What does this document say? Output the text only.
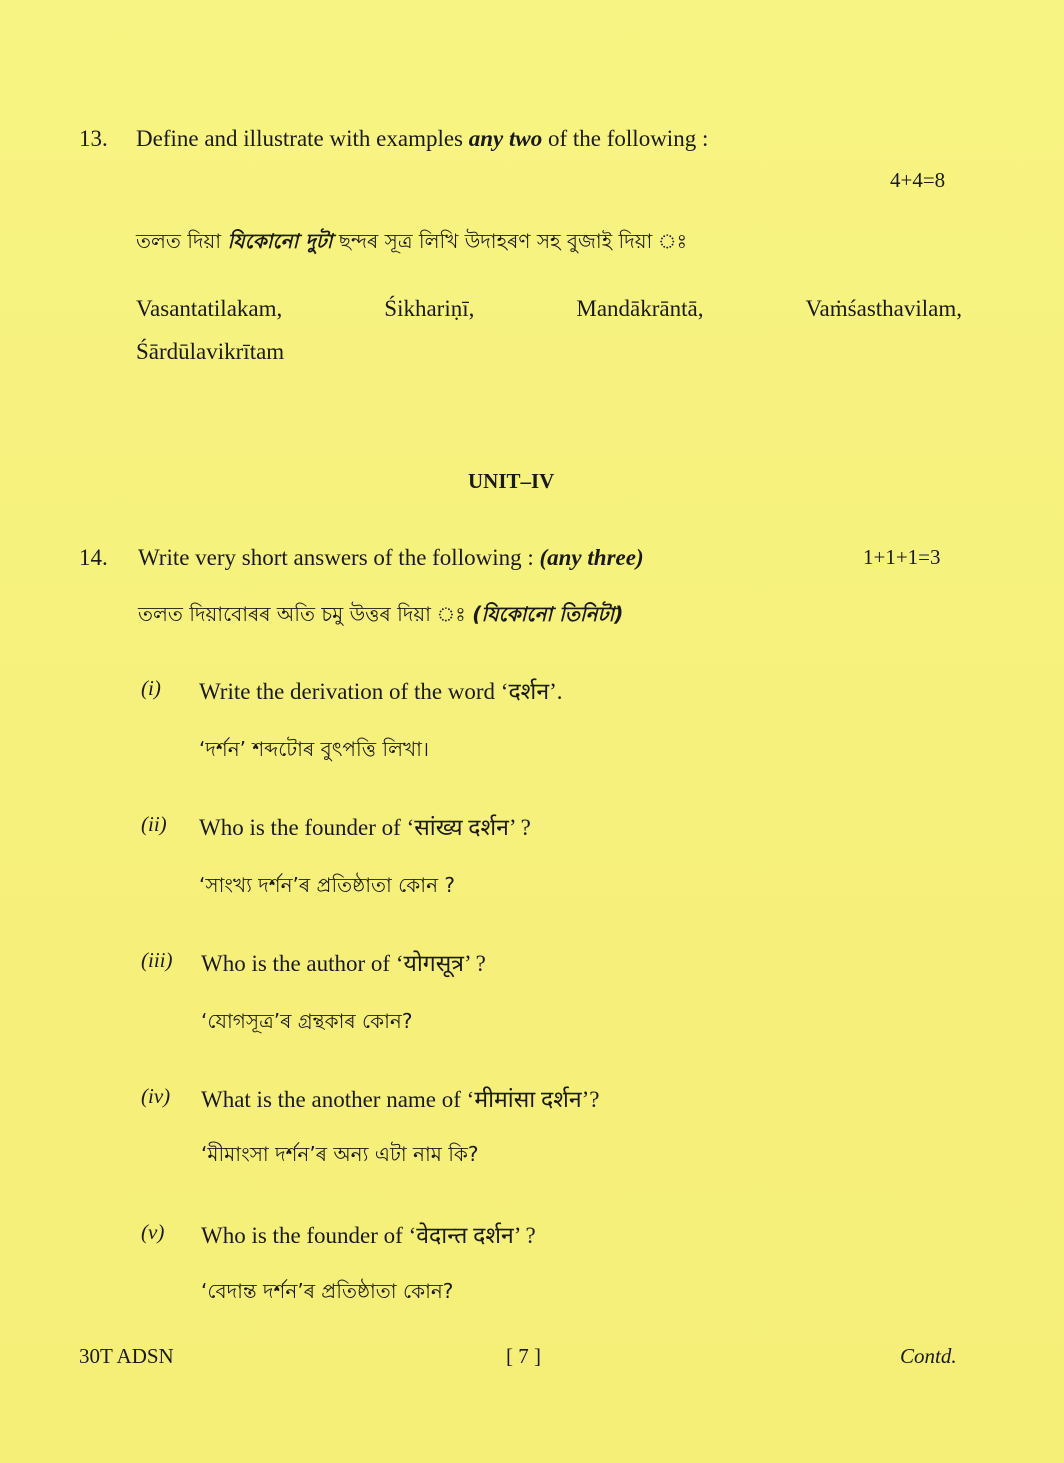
13. Define and illustrate with examples any two of the following :
4+4=8
তলত দিয়া যিকোনো দুটা ছন্দৰ সূত্ৰ লিখি উদাহৰণ সহ বুজাই দিয়া ঃ
Vasantatilakam,	Śikhariṇī,	Mandākrāntā,	Vaṁśasthavilam,
Śārdūlavikrītam
UNIT–IV
14. Write very short answers of the following : (any three)	1+1+1=3
তলত দিয়াবোৰৰ অতি চমু উত্তৰ দিয়া ঃ (যিকোনো তিনিটা)
(i) Write the derivation of the word ‘दर्शन’.
‘দৰ্শন’ শব্দটোৰ বুৎপত্তি লিখা।
(ii) Who is the founder of ‘सांख्य दर्शन’ ?
‘সাংখ্য দৰ্শন’ৰ প্ৰতিষ্ঠাতা কোন ?
(iii) Who is the author of ‘योगसूत्र’ ?
‘যোগসূত্ৰ’ৰ গ্ৰন্থকাৰ কোন?
(iv) What is the another name of ‘मीमांसा दर्शन’?
‘মীমাংসা দৰ্শন’ৰ অন্য এটা নাম কি?
(v) Who is the founder of ‘वेदान्त दर्शन’ ?
‘বেদান্ত দৰ্শন’ৰ প্ৰতিষ্ঠাতা কোন?
30T ADSN	[ 7 ]	Contd.
